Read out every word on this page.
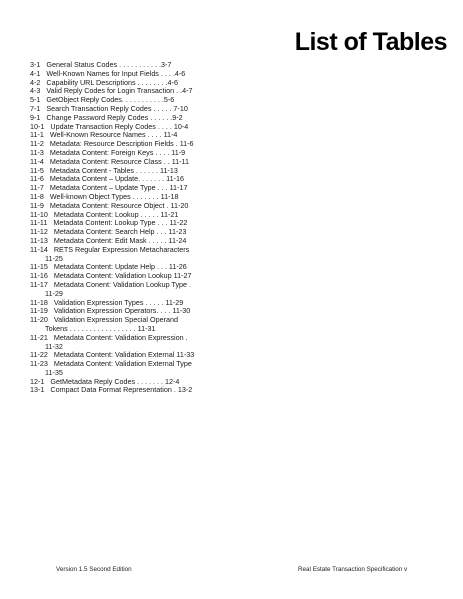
List of Tables
3-1 General Status Codes . . . . . . . . . . .3-7
4-1 Well-Known Names for Input Fields . . . .4-6
4-2 Capability URL Descriptions . . . . . . . .4-6
4-3 Valid Reply Codes for Login Transaction . .4-7
5-1 GetObject Reply Codes. . . . . . . . . . .5-6
7-1 Search Transaction Reply Codes . . . . . 7-10
9-1 Change Password Reply Codes . . . . . .9-2
10-1 Update Transaction Reply Codes . . . . 10-4
11-1 Well-Known Resource Names . . . . 11-4
11-2 Metadata: Resource Description Fields . 11-6
11-3 Metadata Content: Foreign Keys . . . . 11-9
11-4 Metadata Content: Resource Class . . 11-11
11-5 Metadata Content - Tables . . . . . . 11-13
11-6 Metadata Content – Update. . . . . . . 11-16
11-7 Metadata Content – Update Type . . . 11-17
11-8 Well-known Object Types . . . . . . . 11-18
11-9 Metadata Content: Resource Object . 11-20
11-10 Metadata Content: Lookup . . . . . 11-21
11-11 Metadata Content: Lookup Type . . . 11-22
11-12 Metadata Content: Search Help . . . 11-23
11-13 Metadata Content: Edit Mask . . . . . 11-24
11-14 RETS Regular Expression Metacharacters
11-25
11-15 Metadata Content: Update Help . . . 11-26
11-16 Metadata Content: Validation Lookup 11-27
11-17 Metadata Conent: Validation Lookup Type .
11-29
11-18 Validation Expression Types . . . . . 11-29
11-19 Validation Expression Operators. . . . 11-30
11-20 Validation Expression Special Operand
Tokens . . . . . . . . . . . . . . . . . 11-31
11-21 Metadata Content: Validation Expression .
11-32
11-22 Metadata Content: Validation External 11-33
11-23 Metadata Content: Validation External Type
11-35
12-1 GetMetadata Reply Codes . . . . . . . 12-4
13-1 Compact Data Format Representation . 13-2
Version 1.5 Second Edition	Real Estate Transaction Specification v
